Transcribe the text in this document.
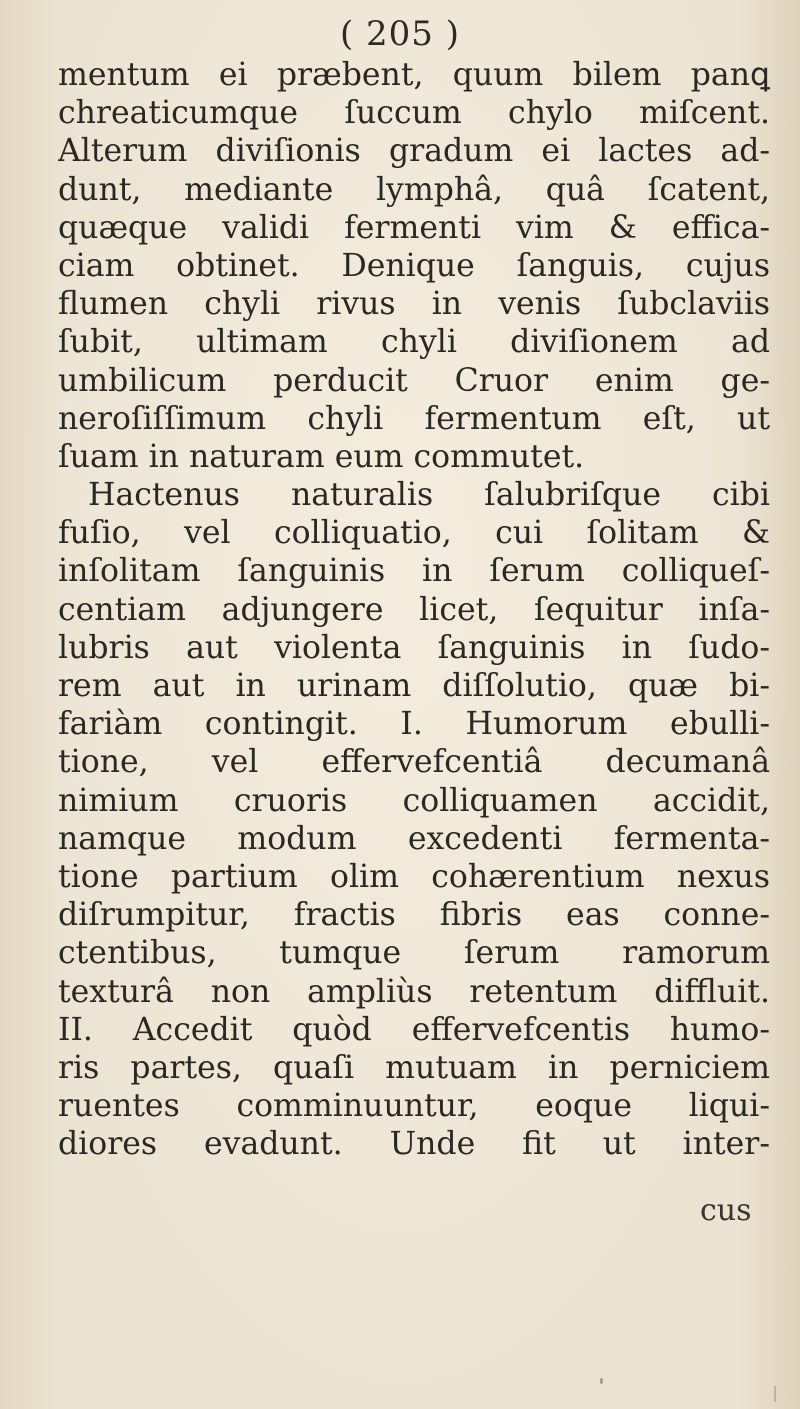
( 205 )
mentum ei præbent, quum bilem panꝗ
chreaticumque ſuccum chylo miſcent.
Alterum diviſionis gradum ei lactes ad-
dunt, mediante lymphâ, quâ ſcatent,
quæque validi fermenti vim & effica-
ciam obtinet. Denique ſanguis, cujus
flumen chyli rivus in venis ſubclaviis
ſubit, ultimam chyli diviſionem ad
umbilicum perducit Cruor enim ge-
neroſiſſimum chyli fermentum eſt, ut
ſuam in naturam eum commutet.
Hactenus naturalis ſalubriſque cibi
fuſio, vel colliquatio, cui ſolitam &
inſolitam ſanguinis in ſerum colliqueſ-
centiam adjungere licet, ſequitur inſa-
lubris aut violenta ſanguinis in ſudo-
rem aut in urinam diſſolutio, quæ bi-
fariàm contingit. I. Humorum ebulli-
tione, vel effervefcentiâ decumanâ
nimium cruoris colliquamen accidit,
namque modum excedenti fermenta-
tione partium olim cohærentium nexus
diſrumpitur, fractis fibris eas conne-
ctentibus, tumque ſerum ramorum
texturâ non ampliùs retentum diffluit.
II. Accedit quòd effervefcentis humo-
ris partes, quaſi mutuam in perniciem
ruentes comminuuntur, eoque liqui-
diores evadunt. Unde fit ut inter-
cus
